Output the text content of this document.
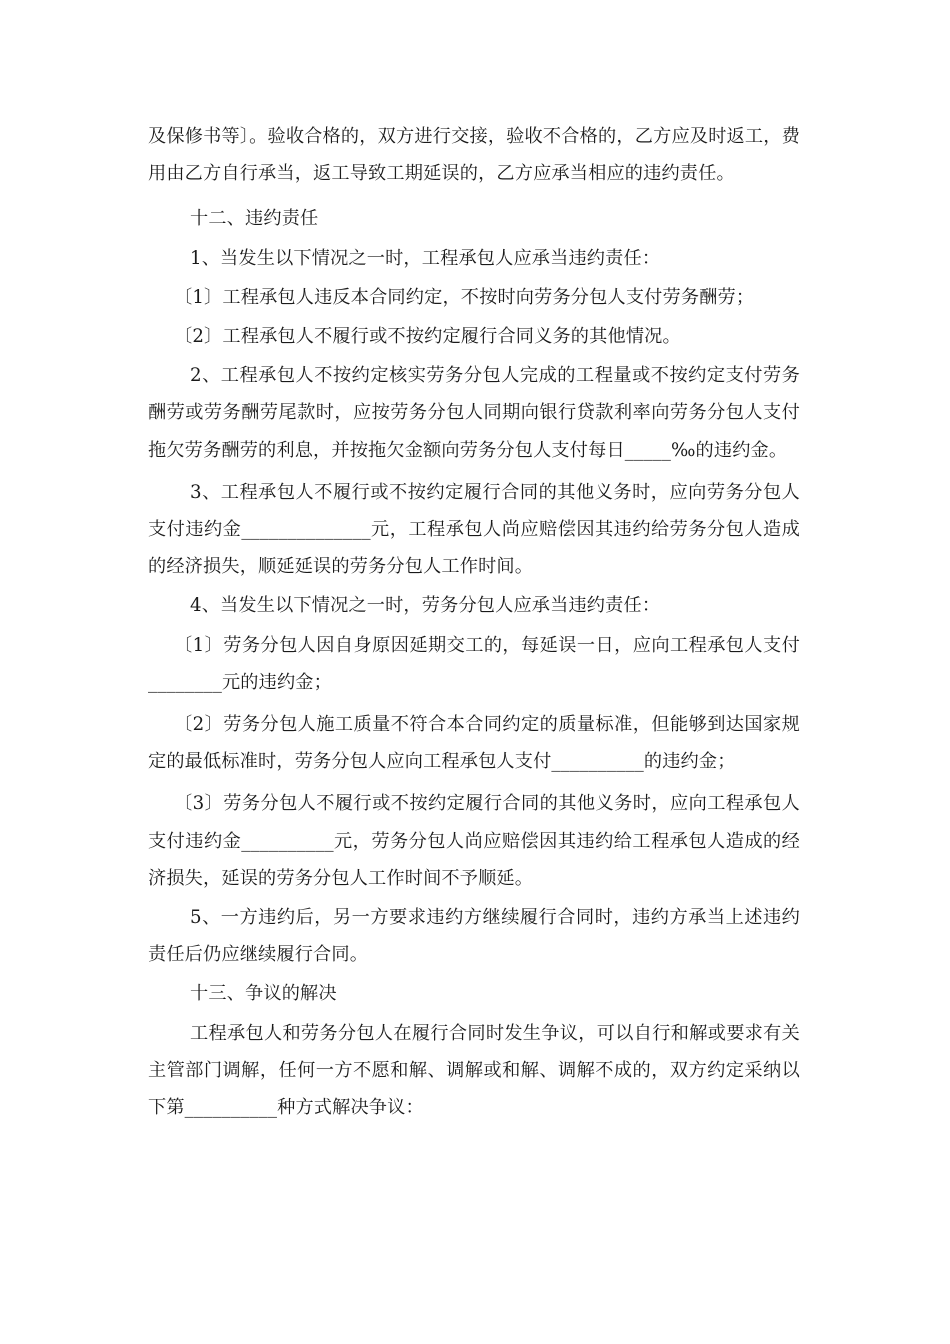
及保修书等〕。验收合格的，双方进行交接，验收不合格的，乙方应及时返工，费用由乙方自行承当，返工导致工期延误的，乙方应承当相应的违约责任。

十二、违约责任

1、当发生以下情况之一时，工程承包人应承当违约责任：

〔1〕工程承包人违反本合同约定，不按时向劳务分包人支付劳务酬劳；

〔2〕工程承包人不履行或不按约定履行合同义务的其他情况。

2、工程承包人不按约定核实劳务分包人完成的工程量或不按约定支付劳务酬劳或劳务酬劳尾款时，应按劳务分包人同期向银行贷款利率向劳务分包人支付拖欠劳务酬劳的利息，并按拖欠金额向劳务分包人支付每日_____‰的违约金。

3、工程承包人不履行或不按约定履行合同的其他义务时，应向劳务分包人支付违约金______________元，工程承包人尚应赔偿因其违约给劳务分包人造成的经济损失，顺延延误的劳务分包人工作时间。

4、当发生以下情况之一时，劳务分包人应承当违约责任：

〔1〕劳务分包人因自身原因延期交工的，每延误一日，应向工程承包人支付________元的违约金；

〔2〕劳务分包人施工质量不符合本合同约定的质量标准，但能够到达国家规定的最低标准时，劳务分包人应向工程承包人支付__________的违约金；

〔3〕劳务分包人不履行或不按约定履行合同的其他义务时，应向工程承包人支付违约金__________元，劳务分包人尚应赔偿因其违约给工程承包人造成的经济损失，延误的劳务分包人工作时间不予顺延。

5、一方违约后，另一方要求违约方继续履行合同时，违约方承当上述违约责任后仍应继续履行合同。

十三、争议的解决

工程承包人和劳务分包人在履行合同时发生争议，可以自行和解或要求有关主管部门调解，任何一方不愿和解、调解或和解、调解不成的，双方约定采纳以下第__________种方式解决争议：
